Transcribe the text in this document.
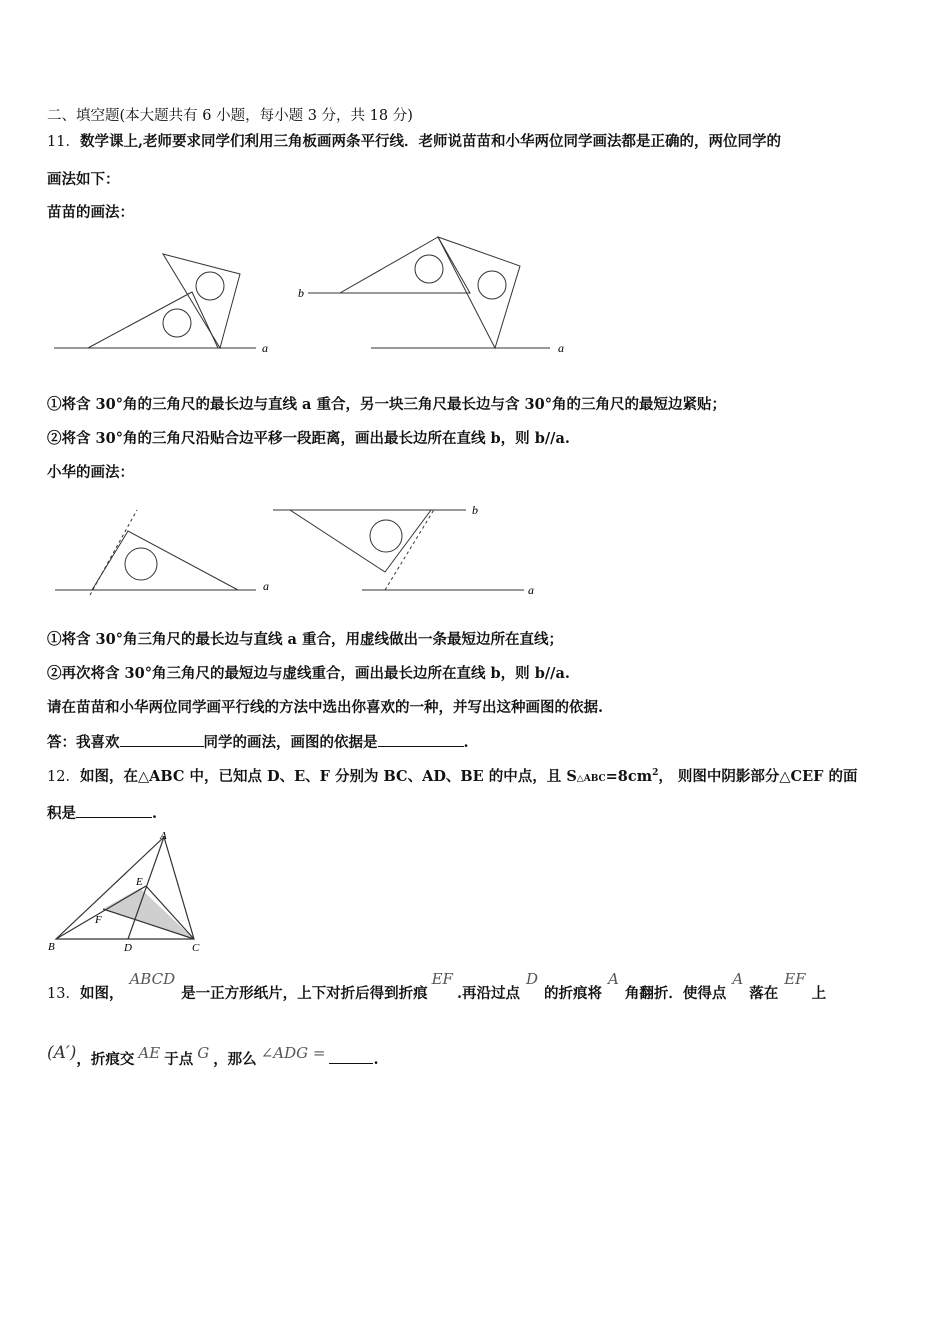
二、填空题(本大题共有 6 小题，每小题 3 分，共 18 分)
11．数学课上,老师要求同学们利用三角板画两条平行线．老师说苗苗和小华两位同学画法都是正确的，两位同学的
画法如下：
苗苗的画法：
a	a
b
①将含 30°角的三角尺的最长边与直线 a 重合，另一块三角尺最长边与含 30°角的三角尺的最短边紧贴；
②将含 30°角的三角尺沿贴合边平移一段距离，画出最长边所在直线 b，则 b//a.
小华的画法：
a	a
b
①将含 30°角三角尺的最长边与直线 a 重合，用虚线做出一条最短边所在直线；
②再次将含 30°角三角尺的最短边与虚线重合，画出最长边所在直线 b，则 b//a.
请在苗苗和小华两位同学画平行线的方法中选出你喜欢的一种，并写出这种画图的依据.
答：我喜欢	同学的画法，画图的依据是	.
12．如图，在△ABC 中，已知点 D、E、F 分别为 BC、AD、BE 的中点，且 $S\triangle ABC=8cm^2$， 则图中阴影部分△CEF 的面
积是	.
A
B	C
D
E
F
13．如图，ABCD是一正方形纸片，上下对折后得到折痕EF.再沿过点D的折痕将A角翻折．使得点A落在EF上
(A′)，折痕交 AE 于点 G ，那么 ∠ADG =	.
